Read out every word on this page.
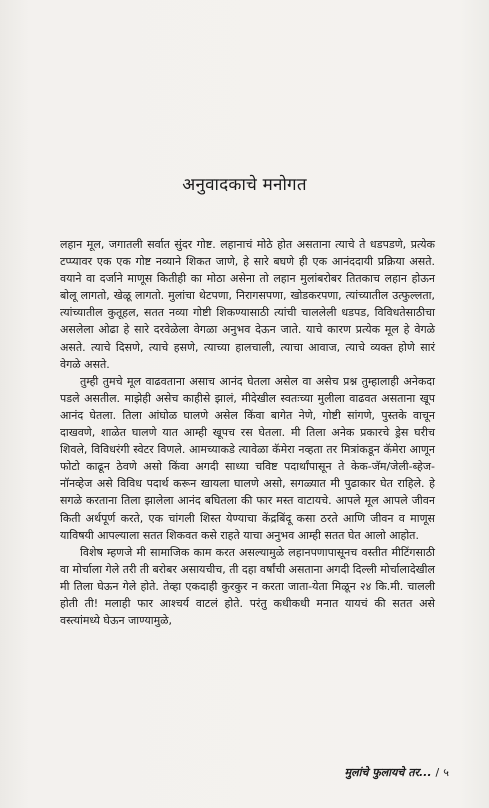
अनुवादकाचे मनोगत

लहान मूल, जगातली सर्वात सुंदर गोष्ट. लहानाचं मोठे होत असताना त्याचे ते धडपडणे, प्रत्येक टप्प्यावर एक एक गोष्ट नव्याने शिकत जाणे, हे सारे बघणे ही एक आनंददायी प्रक्रिया असते. वयाने वा दर्जाने माणूस कितीही का मोठा असेना तो लहान मुलांबरोबर तितकाच लहान होऊन बोलू लागतो, खेळू लागतो. मुलांचा थेटपणा, निरागसपणा, खोडकरपणा, त्यांच्यातील उत्फुल्लता, त्यांच्यातील कुतूहल, सतत नव्या गोष्टी शिकण्यासाठी त्यांची चाललेली धडपड, विविधतेसाठीचा असलेला ओढा हे सारे दरवेळेला वेगळा अनुभव देऊन जाते. याचे कारण प्रत्येक मूल हे वेगळे असते. त्याचे दिसणे, त्याचे हसणे, त्याच्या हालचाली, त्याचा आवाज, त्याचे व्यक्त होणे सारं वेगळे असते.

तुम्ही तुमचे मूल वाढवताना असाच आनंद घेतला असेल वा असेच प्रश्न तुम्हालाही अनेकदा पडले असतील. माझेही असेच काहीसे झालं, मीदेखील स्वतःच्या मुलीला वाढवत असताना खूप आनंद घेतला. तिला आंघोळ घालणे असेल किंवा बागेत नेणे, गोष्टी सांगणे, पुस्तके वाचून दाखवणे, शाळेत घालणे यात आम्ही खूपच रस घेतला. मी तिला अनेक प्रकारचे ड्रेस घरीच शिवले, विविधरंगी स्वेटर विणले. आमच्याकडे त्यावेळा कॅमेरा नव्हता तर मित्रांकडून कॅमेरा आणून फोटो काढून ठेवणे असो किंवा अगदी साध्या चविष्ट पदार्थांपासून ते केक-जॅम/जेली-ब्हेज-नॉनव्हेज असे विविध पदार्थ करून खायला घालणे असो, सगळ्यात मी पुढाकार घेत राहिले. हे सगळे करताना तिला झालेला आनंद बघितला की फार मस्त वाटायचे. आपले मूल आपले जीवन किती अर्थपूर्ण करते, एक चांगली शिस्त येण्याचा केंद्रबिंदू कसा ठरते आणि जीवन व माणूस याविषयी आपल्याला सतत शिकवत कसे राहते याचा अनुभव आम्ही सतत घेत आलो आहोत.

विशेष म्हणजे मी सामाजिक काम करत असल्यामुळे लहानपणापासूनच वस्तीत मीटिंगसाठी वा मोर्चाला गेले तरी ती बरोबर असायचीच, ती दहा वर्षांची असताना अगदी दिल्ली मोर्चालादेखील मी तिला घेऊन गेले होते. तेव्हा एकदाही कुरकुर न करता जाता-येता मिळून २४ कि.मी. चालली होती ती! मलाही फार आश्चर्य वाटलं होते. परंतु कधीकधी मनात यायचं की सतत असे वस्त्यांमध्ये घेऊन जाण्यामुळे,

मुलांचे फुलायचे तर... / ५
